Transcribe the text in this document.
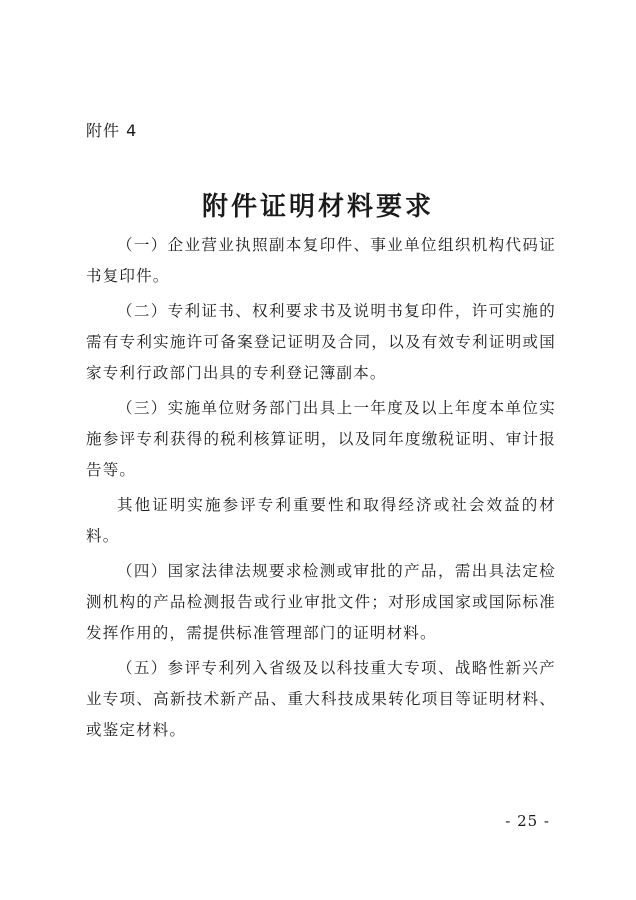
附件 4
附件证明材料要求

（一）企业营业执照副本复印件、事业单位组织机构代码证书复印件。

（二）专利证书、权利要求书及说明书复印件，许可实施的需有专利实施许可备案登记证明及合同，以及有效专利证明或国家专利行政部门出具的专利登记簿副本。

（三）实施单位财务部门出具上一年度及以上年度本单位实施参评专利获得的税利核算证明，以及同年度缴税证明、审计报告等。

其他证明实施参评专利重要性和取得经济或社会效益的材料。

（四）国家法律法规要求检测或审批的产品，需出具法定检测机构的产品检测报告或行业审批文件；对形成国家或国际标准发挥作用的，需提供标准管理部门的证明材料。

（五）参评专利列入省级及以科技重大专项、战略性新兴产业专项、高新技术新产品、重大科技成果转化项目等证明材料、或鉴定材料。

- 25 -
